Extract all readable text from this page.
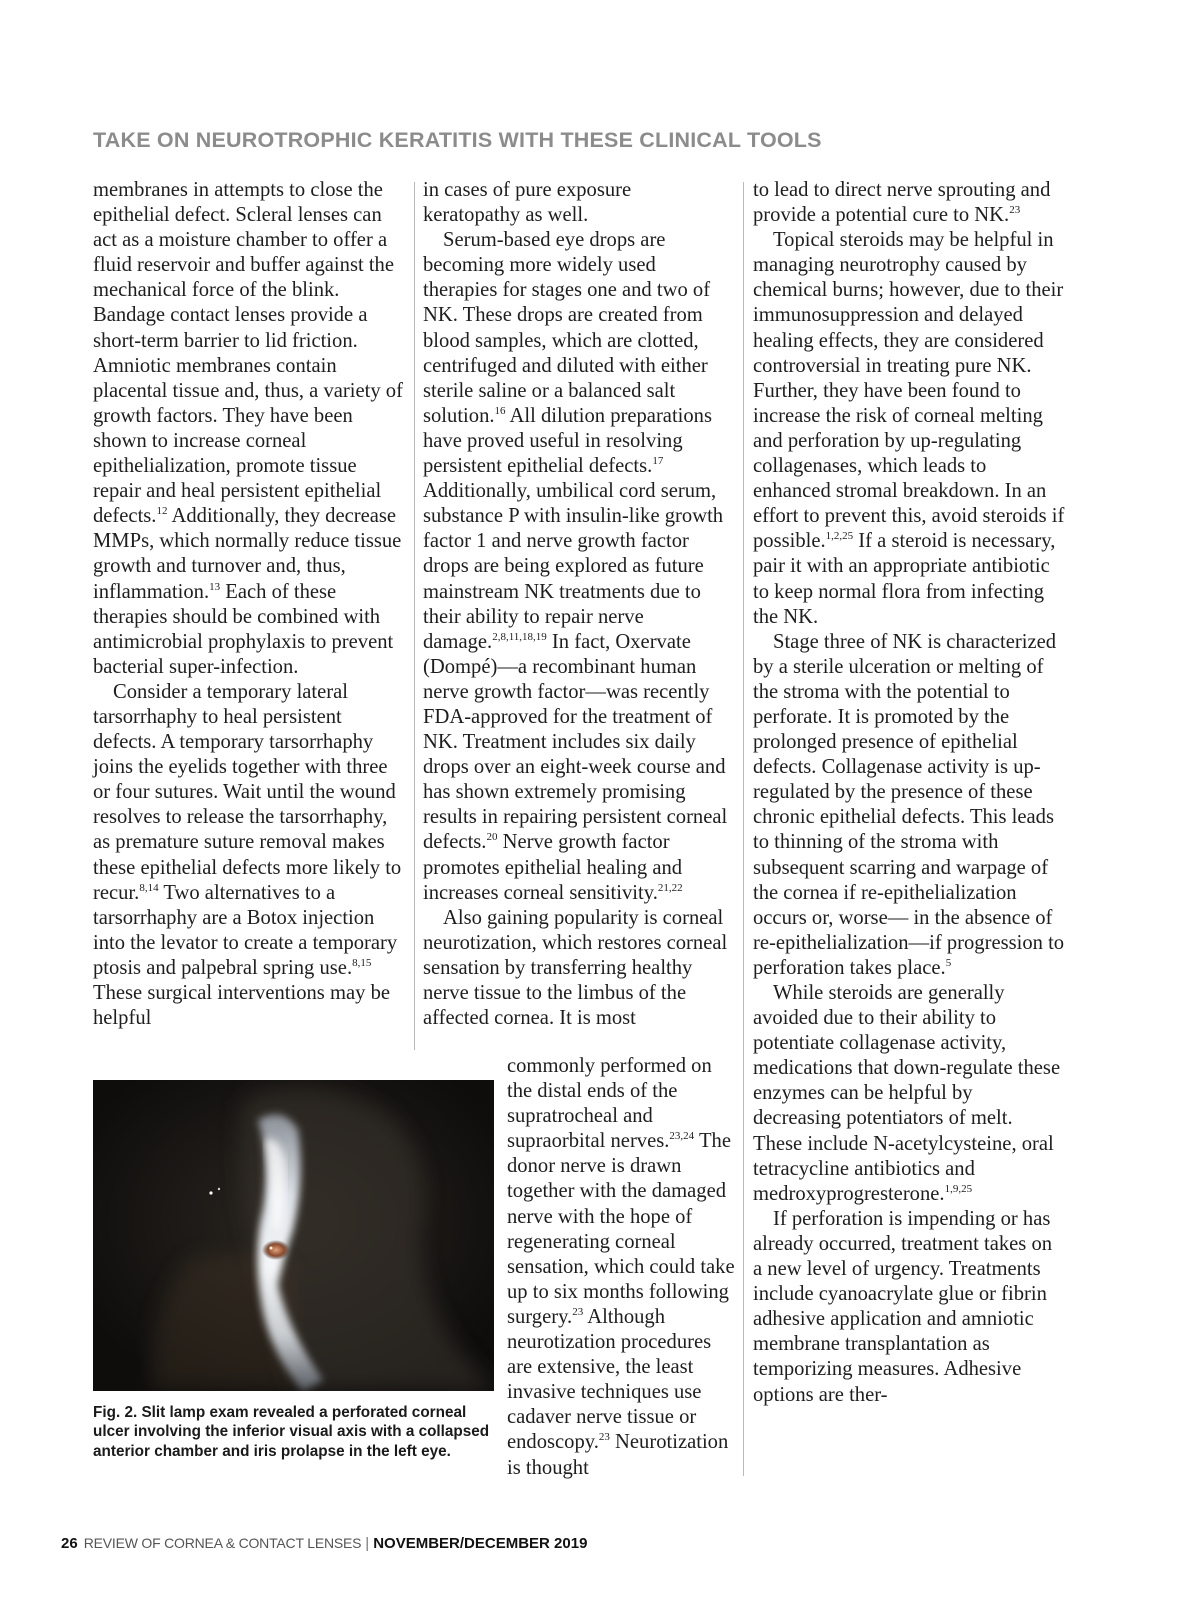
TAKE ON NEUROTROPHIC KERATITIS WITH THESE CLINICAL TOOLS

membranes in attempts to close the epithelial defect. Scleral lenses can act as a moisture chamber to offer a fluid reservoir and buffer against the mechanical force of the blink. Bandage contact lenses provide a short-term barrier to lid friction. Amniotic membranes contain placental tissue and, thus, a variety of growth factors. They have been shown to increase corneal epithelialization, promote tissue repair and heal persistent epithelial defects.$^{12}$ Additionally, they decrease MMPs, which normally reduce tissue growth and turnover and, thus, inflammation.$^{13}$ Each of these therapies should be combined with antimicrobial prophylaxis to prevent bacterial super-infection.

Consider a temporary lateral tarsorrhaphy to heal persistent defects. A temporary tarsorrhaphy joins the eyelids together with three or four sutures. Wait until the wound resolves to release the tarsorrhaphy, as premature suture removal makes these epithelial defects more likely to recur.$^{8,14}$ Two alternatives to a tarsorrhaphy are a Botox injection into the levator to create a temporary ptosis and palpebral spring use.$^{8,15}$ These surgical interventions may be helpful

in cases of pure exposure keratopathy as well.

Serum-based eye drops are becoming more widely used therapies for stages one and two of NK. These drops are created from blood samples, which are clotted, centrifuged and diluted with either sterile saline or a balanced salt solution.$^{16}$ All dilution preparations have proved useful in resolving persistent epithelial defects.$^{17}$ Additionally, umbilical cord serum, substance P with insulin-like growth factor 1 and nerve growth factor drops are being explored as future mainstream NK treatments due to their ability to repair nerve damage.$^{2,8,11,18,19}$ In fact, Oxervate (Dompé)—a recombinant human nerve growth factor—was recently FDA-approved for the treatment of NK. Treatment includes six daily drops over an eight-week course and has shown extremely promising results in repairing persistent corneal defects.$^{20}$ Nerve growth factor promotes epithelial healing and increases corneal sensitivity.$^{21,22}$

Also gaining popularity is corneal neurotization, which restores corneal sensation by transferring healthy nerve tissue to the limbus of the affected cornea. It is most

commonly performed on the distal ends of the supratrocheal and supraorbital nerves.$^{23,24}$ The donor nerve is drawn together with the damaged nerve with the hope of regenerating corneal sensation, which could take up to six months following surgery.$^{23}$ Although neurotization procedures are extensive, the least invasive techniques use cadaver nerve tissue or endoscopy.$^{23}$ Neurotization is thought

to lead to direct nerve sprouting and provide a potential cure to NK.$^{23}$

Topical steroids may be helpful in managing neurotrophy caused by chemical burns; however, due to their immunosuppression and delayed healing effects, they are considered controversial in treating pure NK. Further, they have been found to increase the risk of corneal melting and perforation by up-regulating collagenases, which leads to enhanced stromal breakdown. In an effort to prevent this, avoid steroids if possible.$^{1,2,25}$ If a steroid is necessary, pair it with an appropriate antibiotic to keep normal flora from infecting the NK.

Stage three of NK is characterized by a sterile ulceration or melting of the stroma with the potential to perforate. It is promoted by the prolonged presence of epithelial defects. Collagenase activity is up-regulated by the presence of these chronic epithelial defects. This leads to thinning of the stroma with subsequent scarring and warpage of the cornea if re-epithelialization occurs or, worse— in the absence of re-epithelialization—if progression to perforation takes place.$^5$

While steroids are generally avoided due to their ability to potentiate collagenase activity, medications that down-regulate these enzymes can be helpful by decreasing potentiators of melt. These include N-acetylcysteine, oral tetracycline antibiotics and medroxyprogresterone.$^{1,9,25}$

If perforation is impending or has already occurred, treatment takes on a new level of urgency. Treatments include cyanoacrylate glue or fibrin adhesive application and amniotic membrane transplantation as temporizing measures. Adhesive options are ther-

Fig. 2. Slit lamp exam revealed a perforated corneal ulcer involving the inferior visual axis with a collapsed anterior chamber and iris prolapse in the left eye.
26 REVIEW OF CORNEA & CONTACT LENSES | NOVEMBER/DECEMBER 2019
